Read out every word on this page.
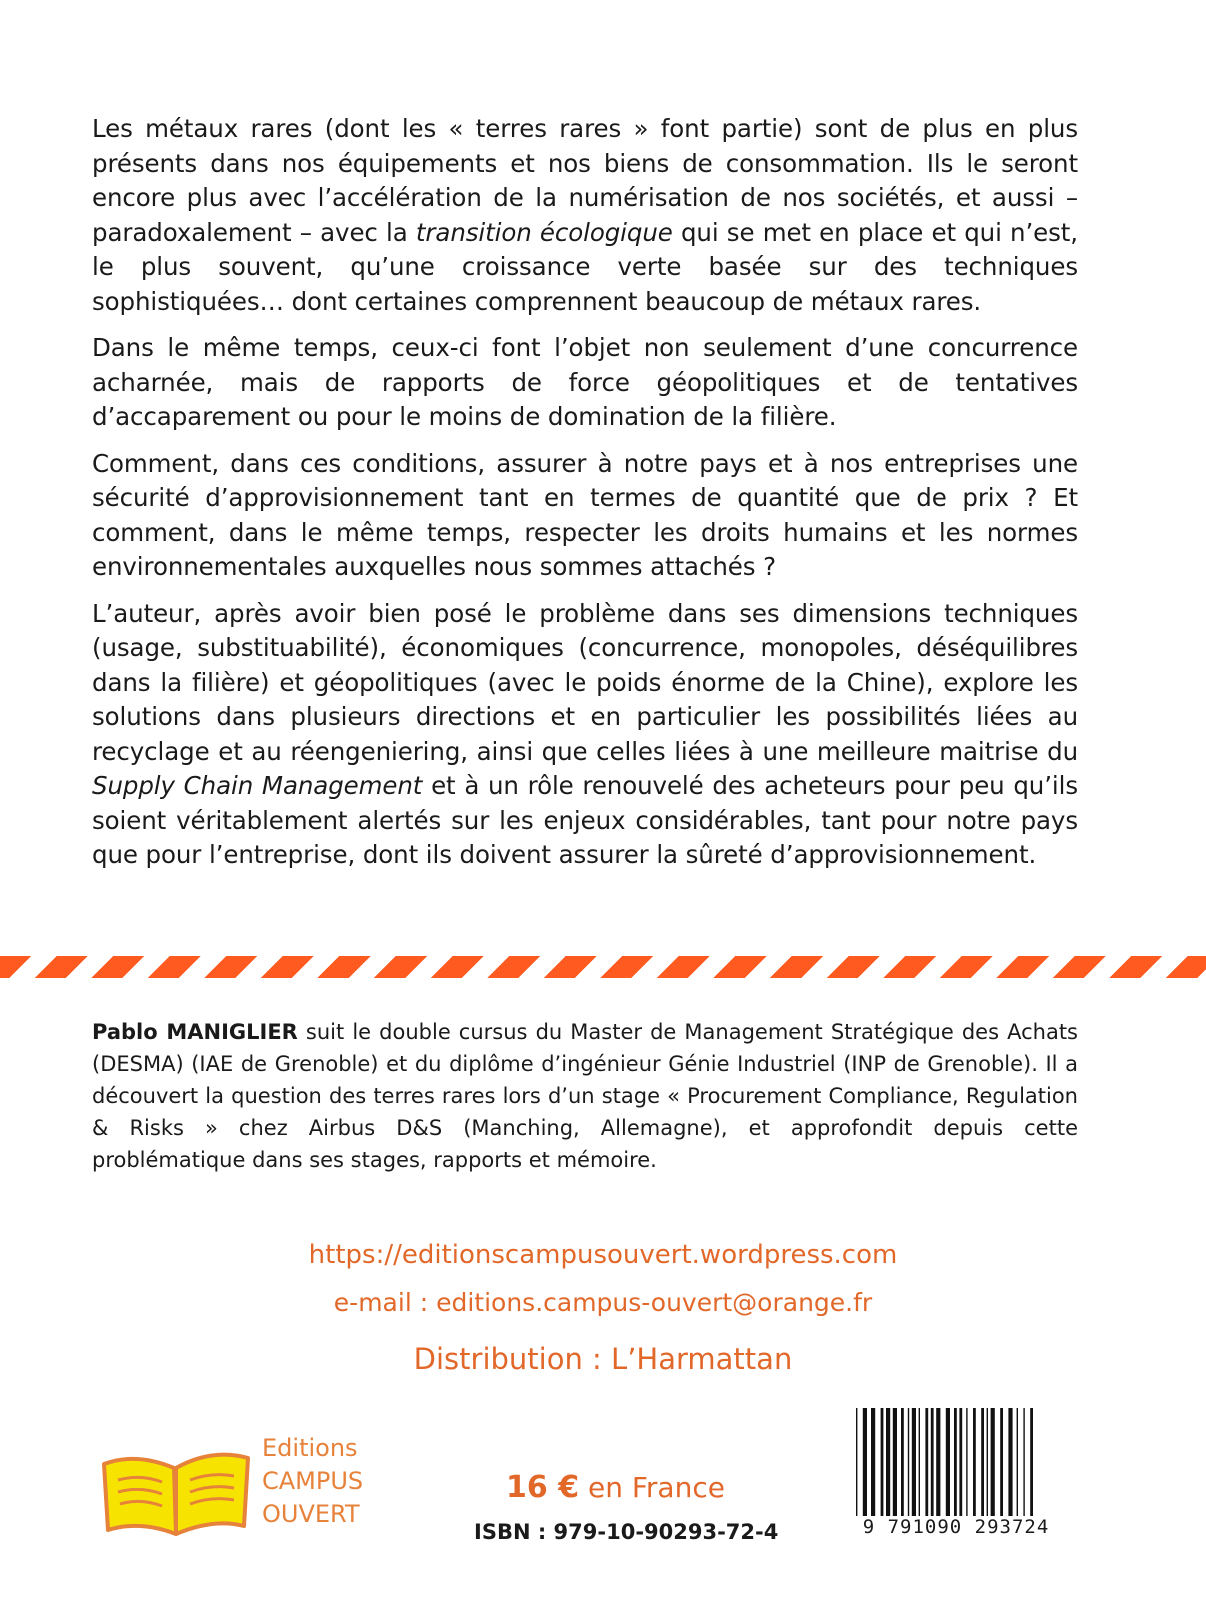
Les métaux rares (dont les « terres rares » font partie) sont de plus en plus présents dans nos équipements et nos biens de consommation. Ils le seront encore plus avec l’accélération de la numérisation de nos sociétés, et aussi – paradoxalement – avec la transition écologique qui se met en place et qui n’est, le plus souvent, qu’une croissance verte basée sur des techniques sophistiquées… dont certaines comprennent beaucoup de métaux rares.

Dans le même temps, ceux-ci font l’objet non seulement d’une concurrence acharnée, mais de rapports de force géopolitiques et de tentatives d’accaparement ou pour le moins de domination de la filière.

Comment, dans ces conditions, assurer à notre pays et à nos entreprises une sécurité d’approvisionnement tant en termes de quantité que de prix ? Et comment, dans le même temps, respecter les droits humains et les normes environnementales auxquelles nous sommes attachés ?

L’auteur, après avoir bien posé le problème dans ses dimensions techniques (usage, substituabilité), économiques (concurrence, monopoles, déséquilibres dans la filière) et géopolitiques (avec le poids énorme de la Chine), explore les solutions dans plusieurs directions et en particulier les possibilités liées au recyclage et au réengeniering, ainsi que celles liées à une meilleure maitrise du Supply Chain Management et à un rôle renouvelé des acheteurs pour peu qu’ils soient véritablement alertés sur les enjeux considérables, tant pour notre pays que pour l’entreprise, dont ils doivent assurer la sûreté d’approvisionnement.

Pablo MANIGLIER suit le double cursus du Master de Management Stratégique des Achats (DESMA) (IAE de Grenoble) et du diplôme d’ingénieur Génie Industriel (INP de Grenoble). Il a découvert la question des terres rares lors d’un stage « Procurement Compliance, Regulation & Risks » chez Airbus D&S (Manching, Allemagne), et approfondit depuis cette problématique dans ses stages, rapports et mémoire.

https://editionscampusouvert.wordpress.com
e-mail : editions.campus-ouvert@orange.fr
Distribution : L’Harmattan
Editions
CAMPUS
OUVERT
16 € en France
ISBN : 979-10-90293-72-4	9 791090 293724
